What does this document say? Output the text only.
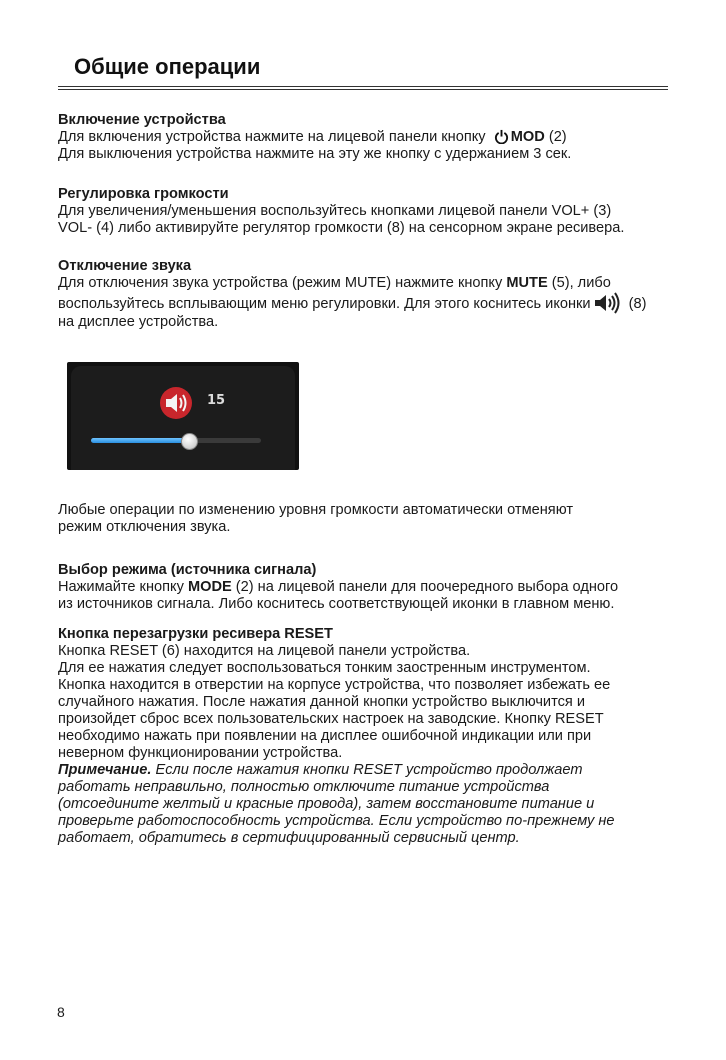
Общие операции
Включение устройства

Для включения устройства нажмите на лицевой панели кнопку MOD (2)

Для выключения устройства нажмите на эту же кнопку с удержанием 3 сек.

Регулировка громкости

Для увеличения/уменьшения воспользуйтесь кнопками лицевой панели VOL+ (3)

VOL- (4) либо активируйте регулятор громкости (8) на сенсорном экране ресивера.

Отключение звука

Для отключения звука устройства (режим MUTE) нажмите кнопку MUTE (5), либо

воспользуйтесь всплывающим меню регулировки. Для этого коснитесь иконки (8)

на дисплее устройства.

15

Любые операции по изменению уровня громкости автоматически отменяют

режим отключения звука.

Выбор режима (источника сигнала)

Нажимайте кнопку MODE (2) на лицевой панели для поочередного выбора одного

из источников сигнала. Либо коснитесь соответствующей иконки в главном меню.

Кнопка перезагрузки ресивера RESET

Кнопка RESET (6) находится на лицевой панели устройства.

Для ее нажатия следует воспользоваться тонким заостренным инструментом.

Кнопка находится в отверстии на корпусе устройства, что позволяет избежать ее

случайного нажатия. После нажатия данной кнопки устройство выключится и

произойдет сброс всех пользовательских настроек на заводские. Кнопку RESET

необходимо нажать при появлении на дисплее ошибочной индикации или при

неверном функционировании устройства.

Примечание. Если после нажатия кнопки RESET устройство продолжает

работать неправильно, полностью отключите питание устройства

(отсоедините желтый и красные провода), затем восстановите питание и

проверьте работоспособность устройства. Если устройство по-прежнему не

работает, обратитесь в сертифицированный сервисный центр.

8
